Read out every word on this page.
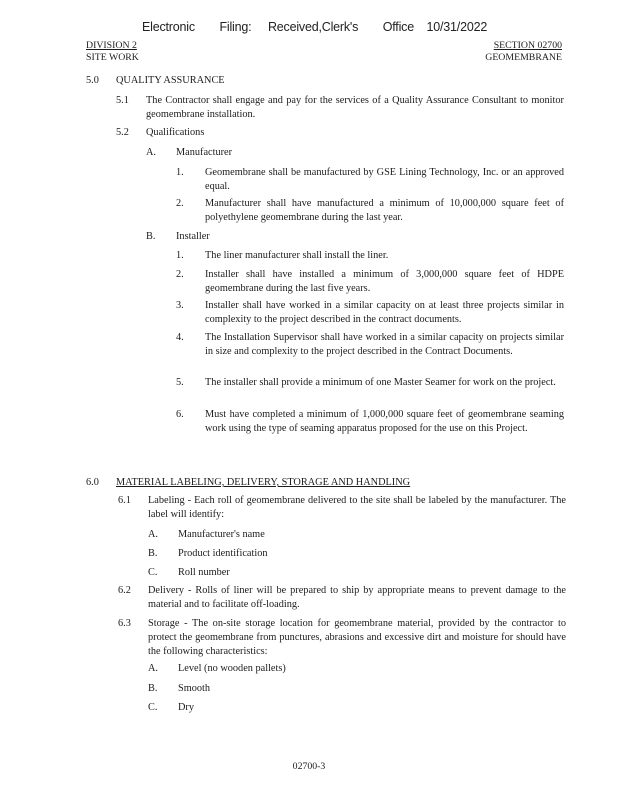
Electronic Filing: Received,Clerk's Office 10/31/2022
DIVISION 2
SITE WORK
SECTION 02700
GEOMEMBRANE
5.0 QUALITY ASSURANCE
5.1 The Contractor shall engage and pay for the services of a Quality Assurance Consultant to monitor geomembrane installation.
5.2 Qualifications
A. Manufacturer
1. Geomembrane shall be manufactured by GSE Lining Technology, Inc. or an approved equal.
2. Manufacturer shall have manufactured a minimum of 10,000,000 square feet of polyethylene geomembrane during the last year.
B. Installer
1. The liner manufacturer shall install the liner.
2. Installer shall have installed a minimum of 3,000,000 square feet of HDPE geomembrane during the last five years.
3. Installer shall have worked in a similar capacity on at least three projects similar in complexity to the project described in the contract documents.
4. The Installation Supervisor shall have worked in a similar capacity on projects similar in size and complexity to the project described in the Contract Documents.
5. The installer shall provide a minimum of one Master Seamer for work on the project.
6. Must have completed a minimum of 1,000,000 square feet of geomembrane seaming work using the type of seaming apparatus proposed for the use on this Project.
6.0 MATERIAL LABELING, DELIVERY, STORAGE AND HANDLING
6.1 Labeling - Each roll of geomembrane delivered to the site shall be labeled by the manufacturer. The label will identify:
A. Manufacturer's name
B. Product identification
C. Roll number
6.2 Delivery - Rolls of liner will be prepared to ship by appropriate means to prevent damage to the material and to facilitate off-loading.
6.3 Storage - The on-site storage location for geomembrane material, provided by the contractor to protect the geomembrane from punctures, abrasions and excessive dirt and moisture for should have the following characteristics:
A. Level (no wooden pallets)
B. Smooth
C. Dry
02700-3
